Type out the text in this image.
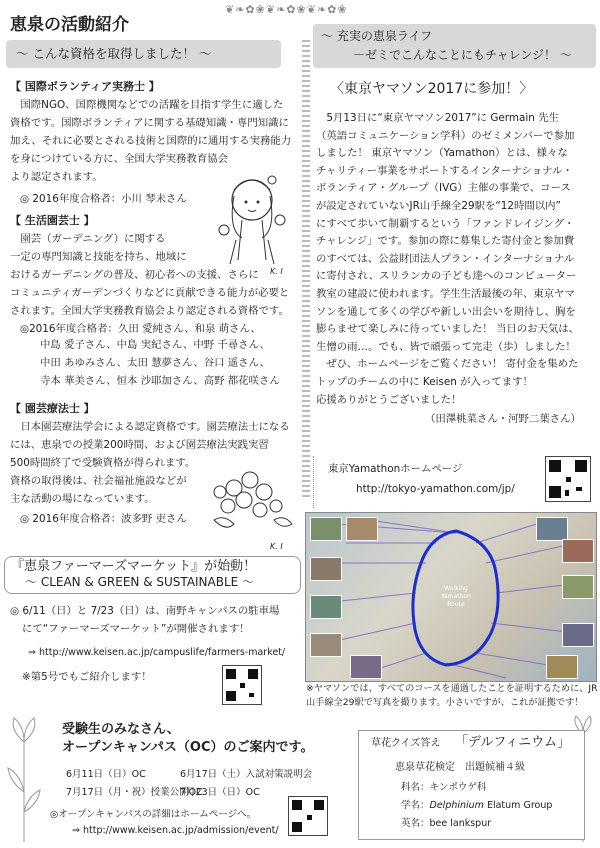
❦❧✿❀❦❧✿❀❦❧✿❀
恵泉の活動紹介
～ こんな資格を取得しました！ ～
～ 充実の恵泉ライフ
－ゼミでこんなことにもチャレンジ！ ～
【 国際ボランティア実務士 】
　国際NGO、国際機関などでの活躍を目指す学生に適した
資格です。国際ボランティアに関する基礎知識・専門知識に
加え、それに必要とされる技術と国際的に通用する実務能力
を身につけている方に、全国大学実務教育協会
より認定されます。
◎ 2016年度合格者：小川 琴未さん
K. I
【 生活園芸士 】
　園芸（ガーデニング）に関する
一定の専門知識と技能を持ち、地域に
おけるガーデニングの普及、初心者への支援、さらに
コミュニティガーデンづくりなどに貢献できる能力が必要と
されます。全国大学実務教育協会より認定される資格です。
◎2016年度合格者： 久田 愛純さん、和泉 萌さん、
中島 愛子さん、中島 実紀さん、中野 千尋さん、
中田 あゆみさん、太田 慧夢さん、谷口 遥さん、
寺本 華美さん、恒本 沙耶加さん、高野 都花咲さん
【 園芸療法士 】
　日本園芸療法学会による認定資格です。園芸療法士になる
には、恵泉での授業200時間、および園芸療法実践実習
500時間終了で受験資格が得られます。
資格の取得後は、社会福祉施設などが
主な活動の場になっています。
◎ 2016年度合格者：波多野 吏さん
K. I
〈東京ヤマソン2017に参加！〉
　5月13日に“東京ヤマソン2017”に Germain 先生
（英語コミュニケーション学科）のゼミメンバーで参加
しました！ 東京ヤマソン（Yamathon）とは、様々な
チャリティー事業をサポートするインターナショナル・
ボランティア・グループ（IVG）主催の事業で、コース
が設定されていないJR山手線全29駅を“12時間以内”
にすべて歩いて制覇するという「ファンドレイジング・
チャレンジ」です。参加の際に募集した寄付金と参加費
のすべては、公益財団法人プラン・インターナショナル
に寄付され、スリランカの子ども達へのコンピューター
教室の建設に使われます。学生生活最後の年、東京ヤマ
ソンを通して多くの学びや新しい出会いを期待し、胸を
膨らませて楽しみに待っていました！ 当日のお天気は、
生憎の雨…。でも、皆で頑張って完走（歩）しました！
　ぜひ、ホームページをご覧ください！ 寄付金を集めた
トップのチームの中に Keisen が入ってます！
応援ありがとうございました！
（田澤桃菜さん・河野二葉さん）
東京Yamathonホームページ
http://tokyo-yamathon.com/jp/
Walking Yamathon Route
※ヤマソンでは、すべてのコースを通過したことを証明するために、JR
山手線全29駅で写真を撮ります。小さいですが、これが証拠です！
『恵泉ファーマーズマーケット』が始動！
～ CLEAN & GREEN & SUSTAINABLE ～
◎ 6/11（日）と 7/23（日）は、南野キャンパスの駐車場
にて“ファーマーズマーケット”が開催されます！
⇒ http://www.keisen.ac.jp/campuslife/farmers-market/
※第5号でもご紹介します！
受験生のみなさん、
オープンキャンパス（OC）のご案内です。
6月11日（日）OC	6月17日（土）入試対策説明会
7月17日（月・祝）授業公開OC
7月23日（日）OC
◎オープンキャンパスの詳細はホームページへ。
⇒ http://www.keisen.ac.jp/admission/event/
草花クイズ答え 「デルフィニウム」
恵泉草花検定　出題候補４級
科名：キンポウゲ科
学名：Delphinium Elatum Group
英名：bee lankspur
